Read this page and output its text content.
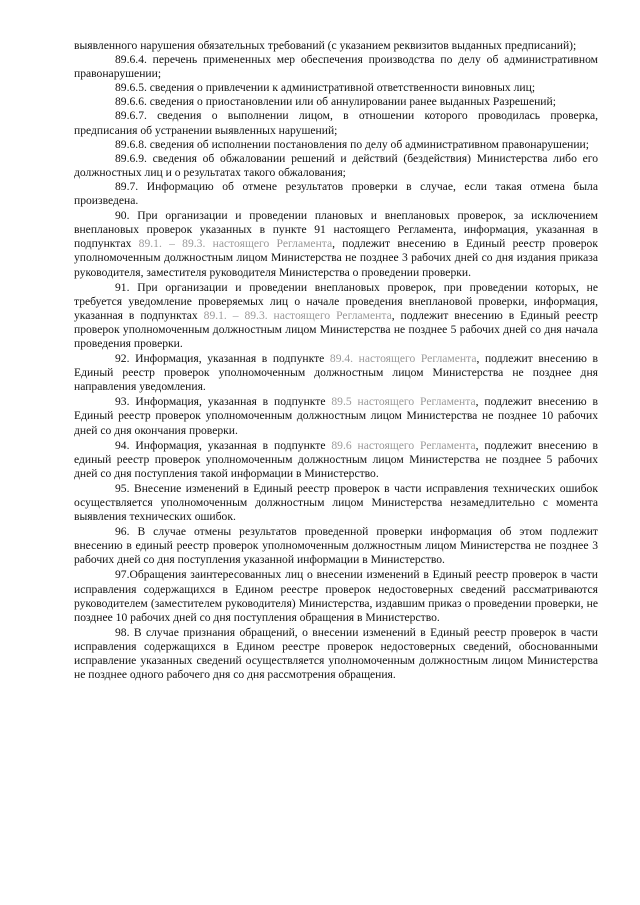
выявленного нарушения обязательных требований (с указанием реквизитов выданных предписаний);

89.6.4. перечень примененных мер обеспечения производства по делу об административном правонарушении;

89.6.5. сведения о привлечении к административной ответственности виновных лиц;

89.6.6. сведения о приостановлении или об аннулировании ранее выданных Разрешений;

89.6.7. сведения о выполнении лицом, в отношении которого проводилась проверка, предписания об устранении выявленных нарушений;

89.6.8. сведения об исполнении постановления по делу об административном правонарушении;

89.6.9. сведения об обжаловании решений и действий (бездействия) Министерства либо его должностных лиц и о результатах такого обжалования;

89.7. Информацию об отмене результатов проверки в случае, если такая отмена была произведена.

90. При организации и проведении плановых и внеплановых проверок, за исключением внеплановых проверок указанных в пункте 91 настоящего Регламента, информация, указанная в подпунктах 89.1. – 89.3. настоящего Регламента, подлежит внесению в Единый реестр проверок уполномоченным должностным лицом Министерства не позднее 3 рабочих дней со дня издания приказа руководителя, заместителя руководителя Министерства о проведении проверки.

91. При организации и проведении внеплановых проверок, при проведении которых, не требуется уведомление проверяемых лиц о начале проведения внеплановой проверки, информация, указанная в подпунктах 89.1. – 89.3. настоящего Регламента, подлежит внесению в Единый реестр проверок уполномоченным должностным лицом Министерства не позднее 5 рабочих дней со дня начала проведения проверки.

92. Информация, указанная в подпункте 89.4. настоящего Регламента, подлежит внесению в Единый реестр проверок уполномоченным должностным лицом Министерства не позднее дня направления уведомления.

93. Информация, указанная в подпункте 89.5 настоящего Регламента, подлежит внесению в Единый реестр проверок уполномоченным должностным лицом Министерства не позднее 10 рабочих дней со дня окончания проверки.

94. Информация, указанная в подпункте 89.6 настоящего Регламента, подлежит внесению в единый реестр проверок уполномоченным должностным лицом Министерства не позднее 5 рабочих дней со дня поступления такой информации в Министерство.

95. Внесение изменений в Единый реестр проверок в части исправления технических ошибок осуществляется уполномоченным должностным лицом Министерства незамедлительно с момента выявления технических ошибок.

96. В случае отмены результатов проведенной проверки информация об этом подлежит внесению в единый реестр проверок уполномоченным должностным лицом Министерства не позднее 3 рабочих дней со дня поступления указанной информации в Министерство.

97.Обращения заинтересованных лиц о внесении изменений в Единый реестр проверок в части исправления содержащихся в Едином реестре проверок недостоверных сведений рассматриваются руководителем (заместителем руководителя) Министерства, издавшим приказ о проведении проверки, не позднее 10 рабочих дней со дня поступления обращения в Министерство.

98. В случае признания обращений, о внесении изменений в Единый реестр проверок в части исправления содержащихся в Едином реестре проверок недостоверных сведений, обоснованными исправление указанных сведений осуществляется уполномоченным должностным лицом Министерства не позднее одного рабочего дня со дня рассмотрения обращения.
